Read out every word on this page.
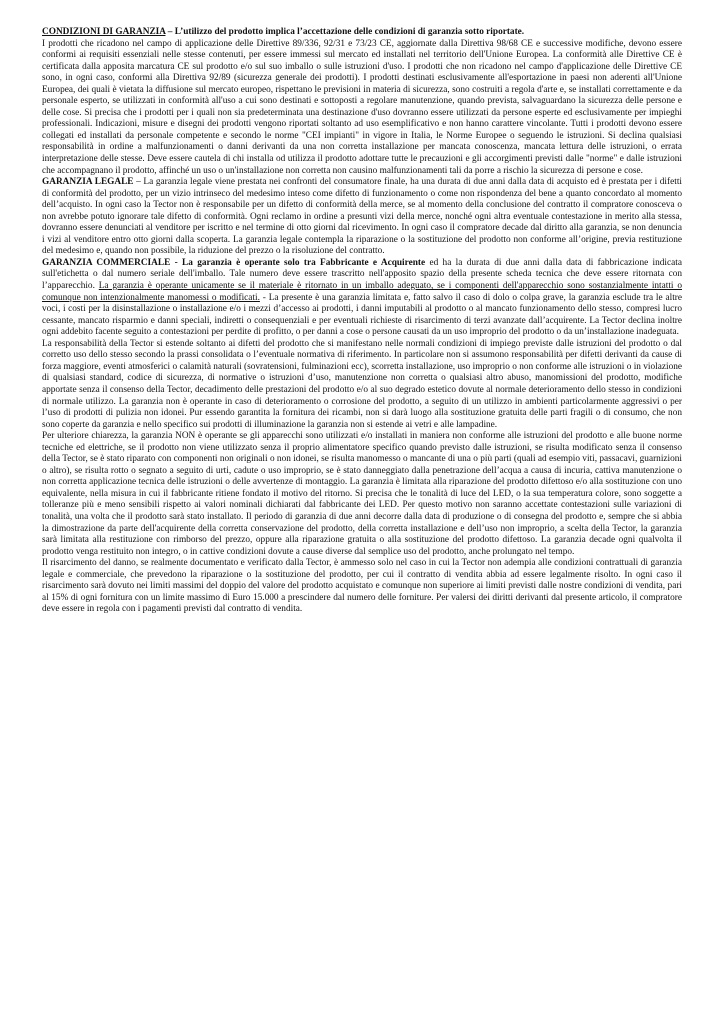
CONDIZIONI DI GARANZIA – L’utilizzo del prodotto implica l’accettazione delle condizioni di garanzia sotto riportate.

I prodotti che ricadono nel campo di applicazione delle Direttive 89/336, 92/31 e 73/23 CE, aggiornate dalla Direttiva 98/68 CE e successive modifiche, devono essere conformi ai requisiti essenziali nelle stesse contenuti, per essere immessi sul mercato ed installati nel territorio dell'Unione Europea. La conformità alle Direttive CE è certificata dalla apposita marcatura CE sul prodotto e/o sul suo imballo o sulle istruzioni d'uso. I prodotti che non ricadono nel campo d'applicazione delle Direttive CE sono, in ogni caso, conformi alla Direttiva 92/89 (sicurezza generale dei prodotti). I prodotti destinati esclusivamente all'esportazione in paesi non aderenti all'Unione Europea, dei quali è vietata la diffusione sul mercato europeo, rispettano le previsioni in materia di sicurezza, sono costruiti a regola d'arte e, se installati correttamente e da personale esperto, se utilizzati in conformità all'uso a cui sono destinati e sottoposti a regolare manutenzione, quando prevista, salvaguardano la sicurezza delle persone e delle cose. Si precisa che i prodotti per i quali non sia predeterminata una destinazione d'uso dovranno essere utilizzati da persone esperte ed esclusivamente per impieghi professionali. Indicazioni, misure e disegni dei prodotti vengono riportati soltanto ad uso esemplificativo e non hanno carattere vincolante. Tutti i prodotti devono essere collegati ed installati da personale competente e secondo le norme "CEI impianti" in vigore in Italia, le Norme Europee o seguendo le istruzioni. Si declina qualsiasi responsabilità in ordine a malfunzionamenti o danni derivanti da una non corretta installazione per mancata conoscenza, mancata lettura delle istruzioni, o errata interpretazione delle stesse. Deve essere cautela di chi installa od utilizza il prodotto adottare tutte le precauzioni e gli accorgimenti previsti dalle "norme" e dalle istruzioni che accompagnano il prodotto, affinché un uso o un'installazione non corretta non causino malfunzionamenti tali da porre a rischio la sicurezza di persone e cose.

GARANZIA LEGALE – La garanzia legale viene prestata nei confronti del consumatore finale, ha una durata di due anni dalla data di acquisto ed è prestata per i difetti di conformità del prodotto, per un vizio intrinseco del medesimo inteso come difetto di funzionamento o come non rispondenza del bene a quanto concordato al momento dell’acquisto. In ogni caso la Tector non è responsabile per un difetto di conformità della merce, se al momento della conclusione del contratto il compratore conosceva o non avrebbe potuto ignorare tale difetto di conformità. Ogni reclamo in ordine a presunti vizi della merce, nonché ogni altra eventuale contestazione in merito alla stessa, dovranno essere denunciati al venditore per iscritto e nel termine di otto giorni dal ricevimento. In ogni caso il compratore decade dal diritto alla garanzia, se non denuncia i vizi al venditore entro otto giorni dalla scoperta. La garanzia legale contempla la riparazione o la sostituzione del prodotto non conforme all’origine, previa restituzione del medesimo e, quando non possibile, la riduzione del prezzo o la risoluzione del contratto.

GARANZIA COMMERCIALE - La garanzia è operante solo tra Fabbricante e Acquirente ed ha la durata di due anni dalla data di fabbricazione indicata sull'etichetta o dal numero seriale dell'imballo. Tale numero deve essere trascritto nell'apposito spazio della presente scheda tecnica che deve essere ritornata con l’apparecchio. La garanzia è operante unicamente se il materiale è ritornato in un imballo adeguato, se i componenti dell'apparecchio sono sostanzialmente intatti o comunque non intenzionalmente manomessi o modificati. - La presente è una garanzia limitata e, fatto salvo il caso di dolo o colpa grave, la garanzia esclude tra le altre voci, i costi per la disinstallazione o installazione e/o i mezzi d’accesso ai prodotti, i danni imputabili al prodotto o al mancato funzionamento dello stesso, compresi lucro cessante, mancato risparmio e danni speciali, indiretti o consequenziali e per eventuali richieste di risarcimento di terzi avanzate dall’acquirente. La Tector declina inoltre ogni addebito facente seguito a contestazioni per perdite di profitto, o per danni a cose o persone causati da un uso improprio del prodotto o da un’installazione inadeguata.

La responsabilità della Tector si estende soltanto ai difetti del prodotto che si manifestano nelle normali condizioni di impiego previste dalle istruzioni del prodotto o dal corretto uso dello stesso secondo la prassi consolidata o l’eventuale normativa di riferimento. In particolare non si assumono responsabilità per difetti derivanti da cause di forza maggiore, eventi atmosferici o calamità naturali (sovratensioni, fulminazioni ecc), scorretta installazione, uso improprio o non conforme alle istruzioni o in violazione di qualsiasi standard, codice di sicurezza, di normative o istruzioni d’uso, manutenzione non corretta o qualsiasi altro abuso, manomissioni del prodotto, modifiche apportate senza il consenso della Tector, decadimento delle prestazioni del prodotto e/o al suo degrado estetico dovute al normale deterioramento dello stesso in condizioni di normale utilizzo. La garanzia non è operante in caso di deterioramento o corrosione del prodotto, a seguito di un utilizzo in ambienti particolarmente aggressivi o per l’uso di prodotti di pulizia non idonei. Pur essendo garantita la fornitura dei ricambi, non si darà luogo alla sostituzione gratuita delle parti fragili o di consumo, che non sono coperte da garanzia e nello specifico sui prodotti di illuminazione la garanzia non si estende ai vetri e alle lampadine.

Per ulteriore chiarezza, la garanzia NON è operante se gli apparecchi sono utilizzati e/o installati in maniera non conforme alle istruzioni del prodotto e alle buone norme tecniche ed elettriche, se il prodotto non viene utilizzato senza il proprio alimentatore specifico quando previsto dalle istruzioni, se risulta modificato senza il consenso della Tector, se è stato riparato con componenti non originali o non idonei, se risulta manomesso o mancante di una o più parti (quali ad esempio viti, passacavi, guarnizioni o altro), se risulta rotto o segnato a seguito di urti, cadute o uso improprio, se è stato danneggiato dalla penetrazione dell’acqua a causa di incuria, cattiva manutenzione o non corretta applicazione tecnica delle istruzioni o delle avvertenze di montaggio. La garanzia è limitata alla riparazione del prodotto difettoso e/o alla sostituzione con uno equivalente, nella misura in cui il fabbricante ritiene fondato il motivo del ritorno. Si precisa che le tonalità di luce del LED, o la sua temperatura colore, sono soggette a tolleranze più e meno sensibili rispetto ai valori nominali dichiarati dal fabbricante dei LED. Per questo motivo non saranno accettate contestazioni sulle variazioni di tonalità, una volta che il prodotto sarà stato installato. Il periodo di garanzia di due anni decorre dalla data di produzione o di consegna del prodotto e, sempre che si abbia la dimostrazione da parte dell'acquirente della corretta conservazione del prodotto, della corretta installazione e dell’uso non improprio, a scelta della Tector, la garanzia sarà limitata alla restituzione con rimborso del prezzo, oppure alla riparazione gratuita o alla sostituzione del prodotto difettoso. La garanzia decade ogni qualvolta il prodotto venga restituito non integro, o in cattive condizioni dovute a cause diverse dal semplice uso del prodotto, anche prolungato nel tempo.

Il risarcimento del danno, se realmente documentato e verificato dalla Tector, è ammesso solo nel caso in cui la Tector non adempia alle condizioni contrattuali di garanzia legale e commerciale, che prevedono la riparazione o la sostituzione del prodotto, per cui il contratto di vendita abbia ad essere legalmente risolto. In ogni caso il risarcimento sarà dovuto nei limiti massimi del doppio del valore del prodotto acquistato e comunque non superiore ai limiti previsti dalle nostre condizioni di vendita, pari al 15% di ogni fornitura con un limite massimo di Euro 15.000 a prescindere dal numero delle forniture. Per valersi dei diritti derivanti dal presente articolo, il compratore deve essere in regola con i pagamenti previsti dal contratto di vendita.
